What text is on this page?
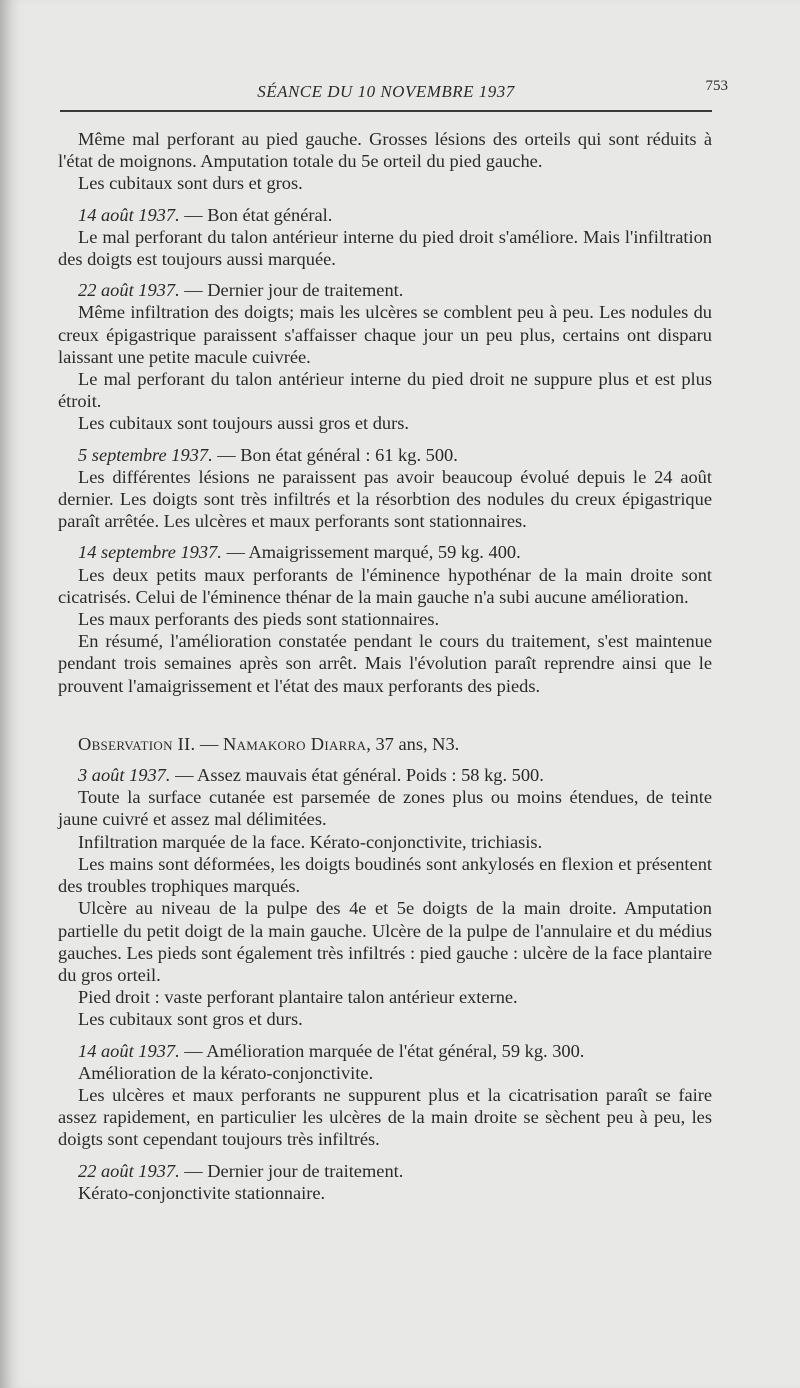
SÉANCE DU 10 NOVEMBRE 1937	753

Même mal perforant au pied gauche. Grosses lésions des orteils qui sont réduits à l'état de moignons. Amputation totale du 5e orteil du pied gauche.

Les cubitaux sont durs et gros.

14 août 1937. — Bon état général.

Le mal perforant du talon antérieur interne du pied droit s'améliore. Mais l'infiltration des doigts est toujours aussi marquée.

22 août 1937. — Dernier jour de traitement.

Même infiltration des doigts; mais les ulcères se comblent peu à peu. Les nodules du creux épigastrique paraissent s'affaisser chaque jour un peu plus, certains ont disparu laissant une petite macule cuivrée.

Le mal perforant du talon antérieur interne du pied droit ne suppure plus et est plus étroit.

Les cubitaux sont toujours aussi gros et durs.

5 septembre 1937. — Bon état général : 61 kg. 500.

Les différentes lésions ne paraissent pas avoir beaucoup évolué depuis le 24 août dernier. Les doigts sont très infiltrés et la résorbtion des nodules du creux épigastrique paraît arrêtée. Les ulcères et maux perforants sont stationnaires.

14 septembre 1937. — Amaigrissement marqué, 59 kg. 400.

Les deux petits maux perforants de l'éminence hypothénar de la main droite sont cicatrisés. Celui de l'éminence thénar de la main gauche n'a subi aucune amélioration.

Les maux perforants des pieds sont stationnaires.

En résumé, l'amélioration constatée pendant le cours du traitement, s'est maintenue pendant trois semaines après son arrêt. Mais l'évolution paraît reprendre ainsi que le prouvent l'amaigrissement et l'état des maux perforants des pieds.

Observation II. — Namakoro Diarra, 37 ans, N3.

3 août 1937. — Assez mauvais état général. Poids : 58 kg. 500.

Toute la surface cutanée est parsemée de zones plus ou moins étendues, de teinte jaune cuivré et assez mal délimitées.

Infiltration marquée de la face. Kérato-conjonctivite, trichiasis.

Les mains sont déformées, les doigts boudinés sont ankylosés en flexion et présentent des troubles trophiques marqués.

Ulcère au niveau de la pulpe des 4e et 5e doigts de la main droite. Amputation partielle du petit doigt de la main gauche. Ulcère de la pulpe de l'annulaire et du médius gauches. Les pieds sont également très infiltrés : pied gauche : ulcère de la face plantaire du gros orteil.

Pied droit : vaste perforant plantaire talon antérieur externe.

Les cubitaux sont gros et durs.

14 août 1937. — Amélioration marquée de l'état général, 59 kg. 300.

Amélioration de la kérato-conjonctivite.

Les ulcères et maux perforants ne suppurent plus et la cicatrisation paraît se faire assez rapidement, en particulier les ulcères de la main droite se sèchent peu à peu, les doigts sont cependant toujours très infiltrés.

22 août 1937. — Dernier jour de traitement.

Kérato-conjonctivite stationnaire.
